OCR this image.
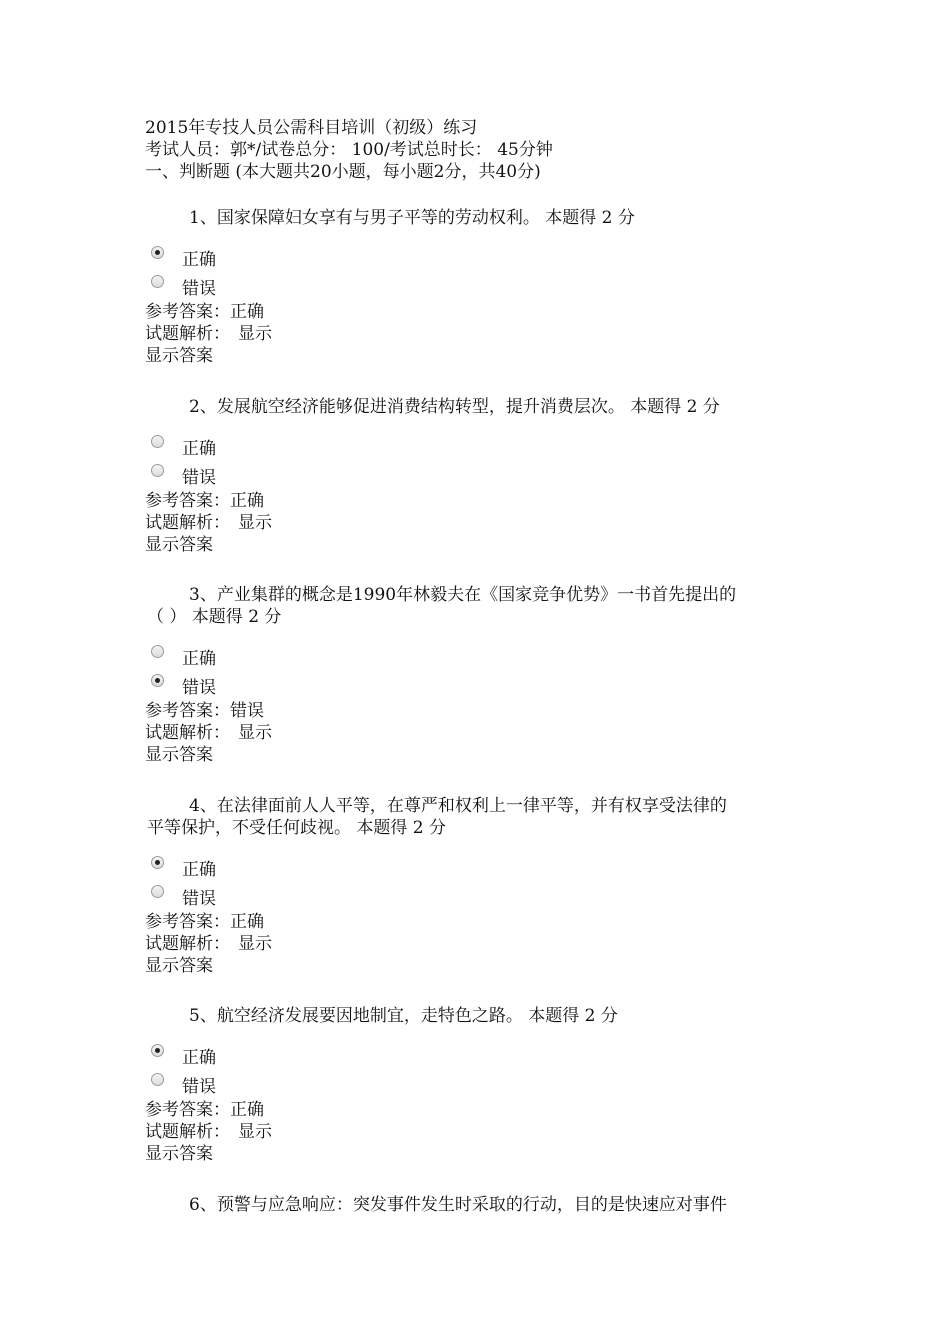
2015年专技人员公需科目培训（初级）练习
考试人员：郭*/试卷总分： 100/考试总时长： 45分钟
一、判断题 (本大题共20小题，每小题2分，共40分)

1、国家保障妇女享有与男子平等的劳动权利。 本题得 2 分

正确
错误
参考答案：正确
试题解析： 显示
显示答案

2、发展航空经济能够促进消费结构转型，提升消费层次。 本题得 2 分

正确
错误
参考答案：正确
试题解析： 显示
显示答案

3、产业集群的概念是1990年林毅夫在《国家竞争优势》一书首先提出的

（ ） 本题得 2 分

正确
错误
参考答案：错误
试题解析： 显示
显示答案

4、在法律面前人人平等，在尊严和权利上一律平等，并有权享受法律的

平等保护，不受任何歧视。 本题得 2 分

正确
错误
参考答案：正确
试题解析： 显示
显示答案

5、航空经济发展要因地制宜，走特色之路。 本题得 2 分

正确
错误
参考答案：正确
试题解析： 显示
显示答案

6、预警与应急响应：突发事件发生时采取的行动，目的是快速应对事件
